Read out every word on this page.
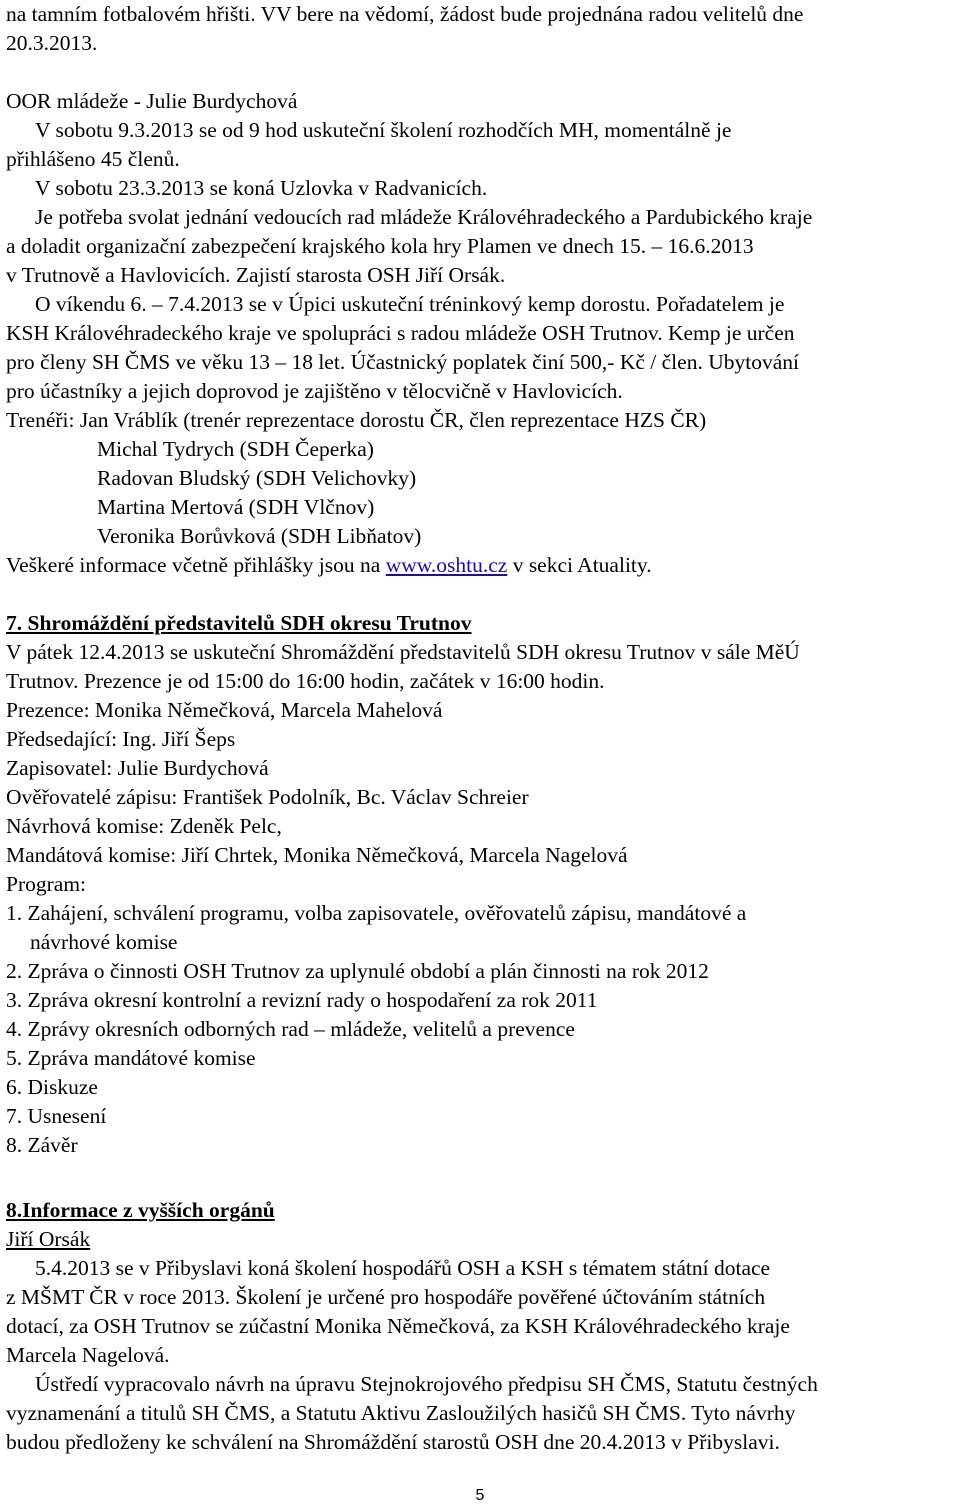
na tamním fotbalovém hřišti. VV bere na vědomí, žádost bude projednána radou velitelů dne

20.3.2013.

OOR mládeže - Julie Burdychová

V sobotu 9.3.2013 se od 9 hod uskuteční školení rozhodčích MH, momentálně je

přihlášeno 45 členů.

V sobotu 23.3.2013 se koná Uzlovka v Radvanicích.

Je potřeba svolat jednání vedoucích rad mládeže Královéhradeckého a Pardubického kraje

a doladit organizační zabezpečení krajského kola hry Plamen ve dnech 15. – 16.6.2013

v Trutnově a Havlovicích. Zajistí starosta OSH Jiří Orsák.

O víkendu 6. – 7.4.2013 se v Úpici uskuteční tréninkový kemp dorostu. Pořadatelem je

KSH Královéhradeckého kraje ve spolupráci s radou mládeže OSH Trutnov. Kemp je určen

pro členy SH ČMS ve věku 13 – 18 let. Účastnický poplatek činí 500,- Kč / člen. Ubytování

pro účastníky a jejich doprovod je zajištěno v tělocvičně v Havlovicích.

Trenéři: Jan Vráblík (trenér reprezentace dorostu ČR, člen reprezentace HZS ČR)

Michal Tydrych (SDH Čeperka)

Radovan Bludský (SDH Velichovky)

Martina Mertová (SDH Vlčnov)

Veronika Borůvková (SDH Libňatov)

Veškeré informace včetně přihlášky jsou na www.oshtu.cz v sekci Atuality.

7. Shromáždění představitelů SDH okresu Trutnov

V pátek 12.4.2013 se uskuteční Shromáždění představitelů SDH okresu Trutnov v sále MěÚ

Trutnov. Prezence je od 15:00 do 16:00 hodin, začátek v 16:00 hodin.

Prezence: Monika Němečková, Marcela Mahelová

Předsedající: Ing. Jiří Šeps

Zapisovatel: Julie Burdychová

Ověřovatelé zápisu: František Podolník, Bc. Václav Schreier

Návrhová komise: Zdeněk Pelc,

Mandátová komise: Jiří Chrtek, Monika Němečková, Marcela Nagelová

Program:

1. Zahájení, schválení programu, volba zapisovatele, ověřovatelů zápisu, mandátové a

návrhové komise

2. Zpráva o činnosti OSH Trutnov za uplynulé období a plán činnosti na rok 2012

3. Zpráva okresní kontrolní a revizní rady o hospodaření za rok 2011

4. Zprávy okresních odborných rad – mládeže, velitelů a prevence

5. Zpráva mandátové komise

6. Diskuze

7. Usnesení

8. Závěr

8.Informace z vyšších orgánů

Jiří Orsák

5.4.2013 se v Přibyslavi koná školení hospodářů OSH a KSH s tématem státní dotace

z MŠMT ČR v roce 2013. Školení je určené pro hospodáře pověřené účtováním státních

dotací, za OSH Trutnov se zúčastní Monika Němečková, za KSH Královéhradeckého kraje

Marcela Nagelová.

Ústředí vypracovalo návrh na úpravu Stejnokrojového předpisu SH ČMS, Statutu čestných

vyznamenání a titulů SH ČMS, a Statutu Aktivu Zasloužilých hasičů SH ČMS. Tyto návrhy

budou předloženy ke schválení na Shromáždění starostů OSH dne 20.4.2013 v Přibyslavi.

5
